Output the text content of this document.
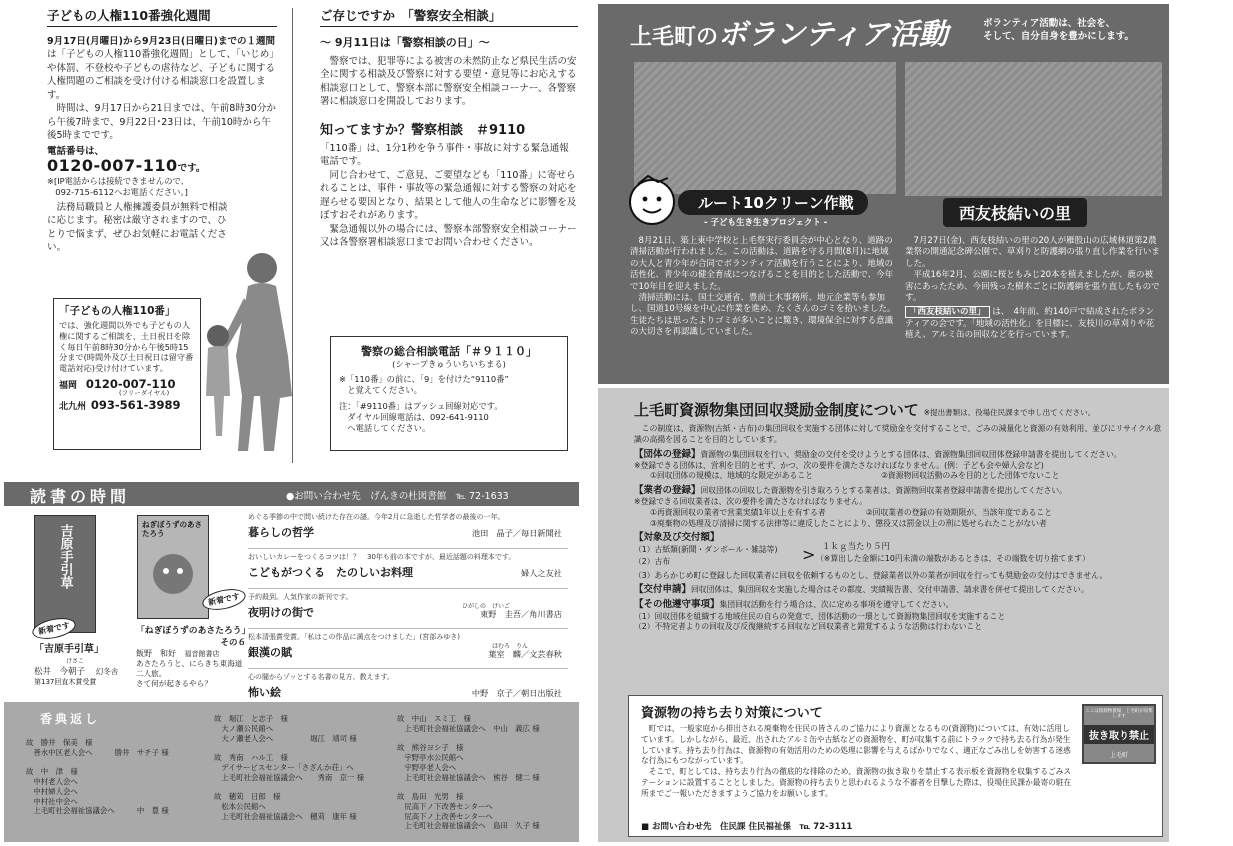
子どもの人権110番強化週間
9月17日(月曜日)から9月23日(日曜日)までの１週間は「子どもの人権110番強化週間」として、「いじめ」や体罰、不登校や子どもの虐待など、子どもに関する人権問題のご相談を受け付ける相談窓口を設置します。
　時間は、9月17日から21日までは、午前8時30分から午後7時まで、9月22日･23日は、午前10時から午後5時までです。
電話番号は、
0120-007-110です。
※[IP電話からは接続できませんので、
　092-715-6112へお電話ください。]
　法務局職員と人権擁護委員が無料で相談に応じます。秘密は厳守されますので、ひとりで悩まず、ぜひお気軽にお電話ください。
「子どもの人権110番」
では、強化週間以外でも子どもの人権に関するご相談を、土日祝日を除く毎日午前8時30分から午後5時15分まで(時間外及び土日祝日は留守番電話対応)受け付けています。
福岡 0120-007-110
(フリーダイヤル)
北九州 093-561-3989
ご存じですか　「警察安全相談」
～ 9月11日は「警察相談の日」～
　警察では、犯罪等による被害の未然防止など県民生活の安全に関する相談及び警察に対する要望・意見等にお応えする相談窓口として、警察本部に警察安全相談コーナー、各警察署に相談窓口を開設しております。
知ってますか？警察相談　＃9110
「110番」は、1分1秒を争う事件・事故に対する緊急通報電話です。
　同じ合わせて、ご意見、ご要望なども「110番」に寄せられることは、事件・事故等の緊急通報に対する警察の対応を遅らせる要因となり、結果として他人の生命などに影響を及ぼすおそれがあります。
　緊急通報以外の場合には、警察本部警察安全相談コーナー又は各警察署相談窓口までお問い合わせください。
警察の総合相談電話「＃９１１０」
(シャープきゅういちいちまる)
※「110番」の前に、「9」を付けた“9110番”
　と覚えてください。
注：「#9110番」はプッシュ回線対応です。
　ダイヤル回線電話は、092-641-9110
　へ電話してください。
上毛町のボランティア活動	ボランティア活動は、社会を、
そして、自分自身を豊かにします。
ルート10クリーン作戦
- 子ども生き生きプロジェクト -	西友枝結いの里
　8月21日、築上東中学校と上毛祭実行委員会が中心となり、道路の清掃活動が行われました。この活動は、道路を守る月間(8月)に地域の大人と青少年が合同でボランティア活動を行うことにより、地域の活性化、青少年の健全育成につなげることを目的とした活動で、今年で10年目を迎えました。
　清掃活動には、国土交通省、豊前土木事務所、地元企業等も参加し、国道10号線を中心に作業を進め、たくさんのゴミを拾いました。生徒たちは思ったよりゴミが多いことに驚き、環境保全に対する意識の大切さを再認識していました。
　7月27日(金)、西友枝結いの里の20人が雁股山の広域林道第2農業祭の開通記念碑公園で、草刈りと防護網の張り直し作業を行いました。
　平成16年2月、公園に桜ともみじ20本を植えましたが、鹿の被害にあったため、今回残った樹木ごとに防護網を張り直したものです。
「西友枝結いの里」 は、　4年前、約140戸で結成されたボランティアの会です。「地域の活性化」を目標に、友枝川の草刈りや花植え、アルミ缶の回収などを行っています。
読書の時間	●お問い合わせ先　げんきの杜図書館　℡ 72-1633
吉原手引草	ねぎぼうずのあさたろう
新着です
新着です
「吉原手引草」
けさこ
松井　今朝子 幻冬舎
第137回直木賞受賞
「ねぎぼうずのあさたろう」
その６
飯野　和好 福音館書店
あさたろうと、にらきち東海道二人旅。
さて何が起きるやら？
めぐる季節の中で問い続けた存在の謎。今年2月に急逝した哲学者の最後の一年。
暮らしの哲学	池田　晶子／毎日新聞社
おいしいカレーをつくるコツは！？　30年も前の本ですが、最近話題の料理本です。
こどもがつくる　たのしいお料理	婦人之友社
予約殺到。人気作家の新刊です。
夜明けの街で	ひがしの　けいご
東野　圭吾／角川書店
松本清張賞受賞。「私はこの作品に満点をつけました」(宮部みゆき)
銀漢の賦	はむろ　りん
葉室　麟／文芸春秋
心の闇からゾッとする名書の見方、教えます。
怖い絵	中野　京子／朝日出版社
香典返し
故　勝井　保美　様
　善水中区老人会へ　　　勝井　サチ子 様

故　中　津　様
　中村老人会へ
　中村婦人会へ
　中村社中会へ
　上毛町社会福祉協議会へ　　　中　豊 様
故　堀江　と志子　様
　大ノ瀬公民館へ
　大ノ瀬老人会へ　　　　　堀江　靖司 様

故　秀南　ハル工　様
　デイサービスセンター「さざんか荘」へ
　上毛町社会福祉協議会へ　　秀南　京一 様

故　穂苅　日郎　様
　松本公民館へ
　上毛町社会福祉協議会へ　穂苅　康年 様
故　中山　スミ工　様
　上毛町社会福祉協議会へ　中山　義広 様

故　熊谷ヨシ子　様
　宇野亭水公民館へ
　宇野亭老人会へ
　上毛町社会福祉協議会へ　熊谷　健二 様

故　島田　光男　様
　尻高下ノ下改善センターへ
　尻高下ノ上改善センターへ
　上毛町社会福祉協議会へ　島田　久子 様
上毛町資源物集団回収奨励金制度について ※提出書類は、役場住民課まで申し出てください。
　この制度は、資源物(古紙・古布)の集団回収を実施する団体に対して奨励金を交付することで、ごみの減量化と資源の有効利用、並びにリサイクル意識の高揚を図ることを目的としています。
【団体の登録】資源物の集団回収を行い、奨励金の交付を受けようとする団体は、資源物集団回収団体登録申請書を提出してください。
※登録できる団体は、営利を目的とせず、かつ、次の要件を満たさなければなりません。(例：子ども会や婦人会など)
①回収団体の規模は、地域的な限定があること	②資源物回収活動のみを目的とした団体でないこと
【業者の登録】回収団体の回収した資源物を引き取ろうとする業者は、資源物回収業者登録申請書を提出してください。
※登録できる回収業者は、次の要件を満たさなければなりません。
①再資源回収の業者で営業実績1年以上を有する者	②回収業者の登録の有効期限が、当該年度であること
③廃棄物の処理及び清掃に関する法律等に違反したことにより、懲役又は罰金以上の刑に処せられたことがない者
【対象及び交付額】
（1）古紙類(新聞・ダンボール・雑誌等)
（2）古布	> １ｋｇ当たり５円
（※算出した金額に10円未満の端数があるときは、その端数を切り捨てます）
（3）あらかじめ町に登録した回収業者に回収を依頼するものとし、登録業者以外の業者が回収を行っても奨励金の交付はできません。
【交付申請】回収団体は、集団回収を実施した場合はその都度、実績報告書、交付申請書、請求書を併せて提出してください。
【その他遵守事項】集団回収活動を行う場合は、次に定める事項を遵守してください。
（1）回収団体を組織する地域住民の自らの発意で、団体活動の一環として資源物集団回収を実施すること
（2）不特定者よりの回収及び反復継続する回収など回収業者と錯覚するような活動は行わないこと
資源物の持ち去り対策について
　町では、一般家庭から排出される廃棄物を住民の皆さんのご協力により資源となるもの(資源物)については、有効に活用しています。しかしながら、最近、出されたアルミ缶や古紙などの資源物を、町が収集する前にトラックで持ち去る行為が発生しています。持ち去り行為は、資源物の有効活用のための処理に影響を与えるばかりでなく、適正なごみ出しを妨害する迷惑な行為にもつながっています。
　そこで、町としては、持ち去り行為の徹底的な排除のため、資源物の抜き取りを禁止する表示板を資源物を収集するごみステーションに設置することとしました。資源物の持ち去りと思われるような不審者を目撃した際は、役場住民課か最寄の駐在所までご一報いただきますようご協力をお願いします。
■ お問い合わせ先　住民課 住民福祉係　℡ 72-3111
ここは資源物置場　上毛町が収集します
抜き取り禁止
上毛町
